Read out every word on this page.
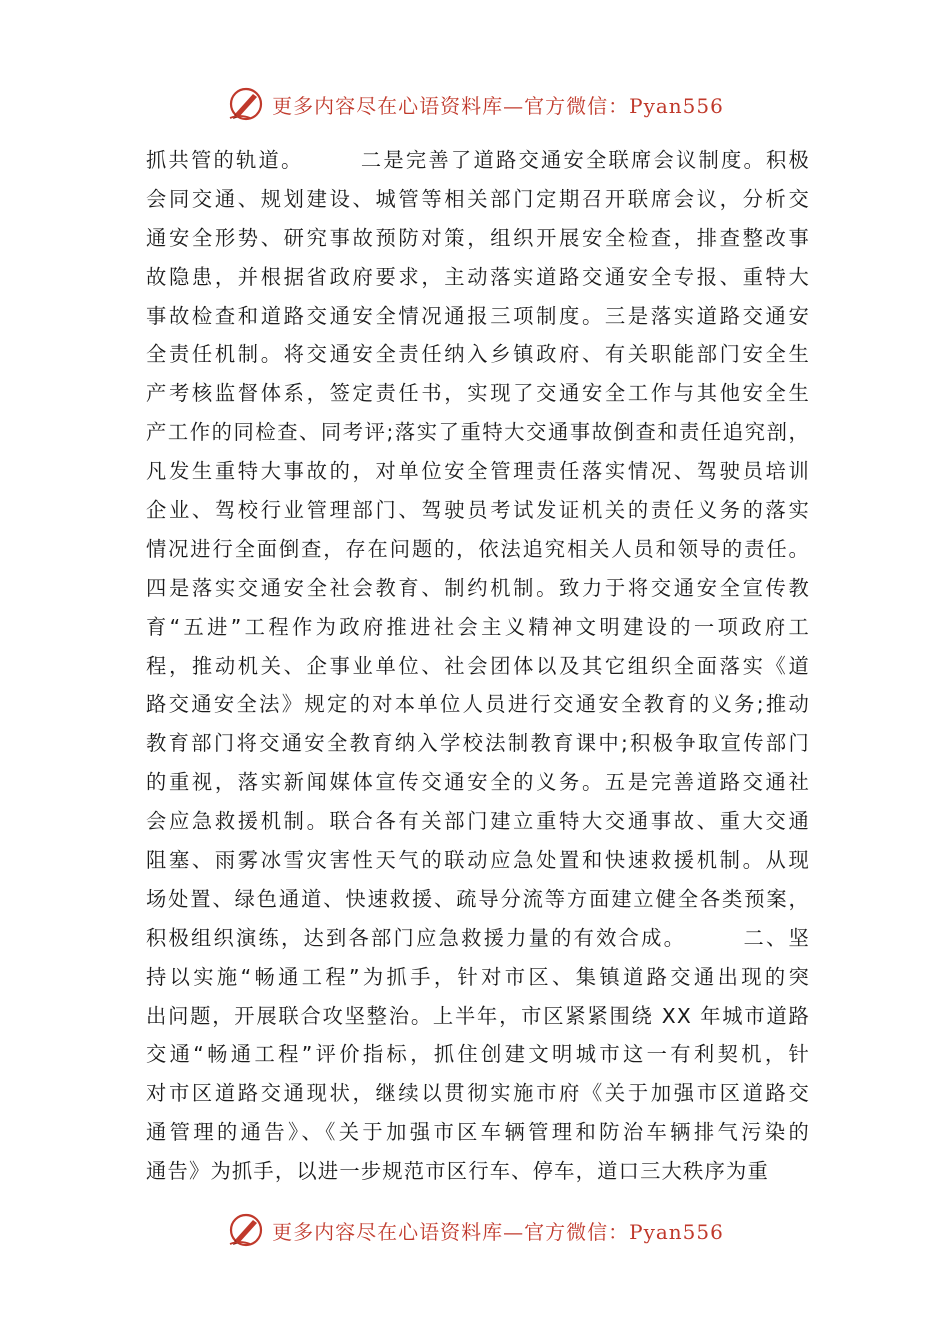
更多内容尽在心语资料库—官方微信：Pyan556
抓共管的轨道。　　　二是完善了道路交通安全联席会议制度。积极
会同交通、规划建设、城管等相关部门定期召开联席会议，分析交
通安全形势、研究事故预防对策，组织开展安全检查，排查整改事
故隐患，并根据省政府要求，主动落实道路交通安全专报、重特大
事故检查和道路交通安全情况通报三项制度。三是落实道路交通安
全责任机制。将交通安全责任纳入乡镇政府、有关职能部门安全生
产考核监督体系，签定责任书，实现了交通安全工作与其他安全生
产工作的同检查、同考评;落实了重特大交通事故倒查和责任追究剖，
凡发生重特大事故的，对单位安全管理责任落实情况、驾驶员培训
企业、驾校行业管理部门、驾驶员考试发证机关的责任义务的落实
情况进行全面倒查，存在问题的，依法追究相关人员和领导的责任。
四是落实交通安全社会教育、制约机制。致力于将交通安全宣传教
育“五进”工程作为政府推进社会主义精神文明建设的一项政府工
程，推动机关、企事业单位、社会团体以及其它组织全面落实《道
路交通安全法》规定的对本单位人员进行交通安全教育的义务;推动
教育部门将交通安全教育纳入学校法制教育课中;积极争取宣传部门
的重视，落实新闻媒体宣传交通安全的义务。五是完善道路交通社
会应急救援机制。联合各有关部门建立重特大交通事故、重大交通
阻塞、雨雾冰雪灾害性天气的联动应急处置和快速救援机制。从现
场处置、绿色通道、快速救援、疏导分流等方面建立健全各类预案，
积极组织演练，达到各部门应急救援力量的有效合成。　　　二、坚
持以实施“畅通工程”为抓手，针对市区、集镇道路交通出现的突
出问题，开展联合攻坚整治。上半年，市区紧紧围绕 XX 年城市道路
交通“畅通工程”评价指标，抓住创建文明城市这一有利契机，针
对市区道路交通现状，继续以贯彻实施市府《关于加强市区道路交
通管理的通告》、《关于加强市区车辆管理和防治车辆排气污染的
通告》为抓手，以进一步规范市区行车、停车，道口三大秩序为重
更多内容尽在心语资料库—官方微信：Pyan556
